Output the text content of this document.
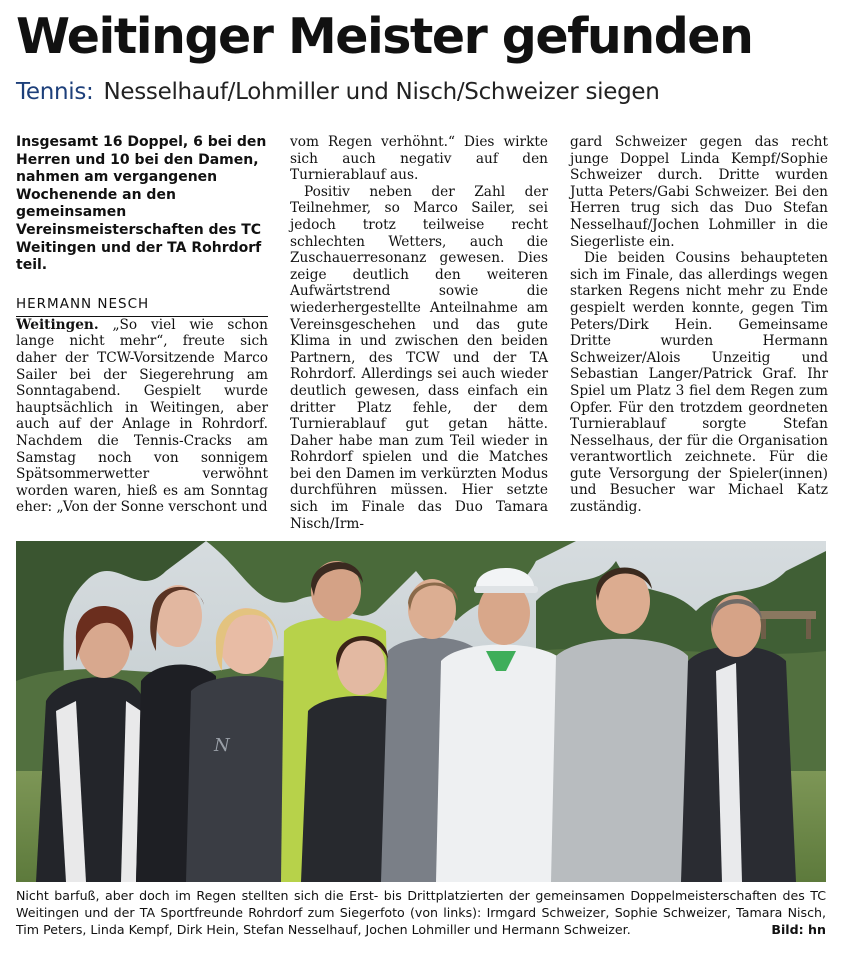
Weitinger Meister gefunden
Tennis: Nesselhauf/Lohmiller und Nisch/Schweizer siegen

Insgesamt 16 Doppel, 6 bei den Herren und 10 bei den Damen, nahmen am vergangenen Wochenende an den gemeinsamen Vereinsmeisterschaften des TC Weitingen und der TA Rohrdorf teil.

HERMANN NESCH

Weitingen. „So viel wie schon lange nicht mehr“, freute sich daher der TCW-Vorsitzende Marco Sailer bei der Siegerehrung am Sonntagabend. Gespielt wurde hauptsächlich in Weitingen, aber auch auf der Anlage in Rohrdorf. Nachdem die Tennis-Cracks am Samstag noch von sonnigem Spätsommerwetter verwöhnt worden waren, hieß es am Sonntag eher: „Von der Sonne verschont und

vom Regen verhöhnt.“ Dies wirkte sich auch negativ auf den Turnierablauf aus.

Positiv neben der Zahl der Teilnehmer, so Marco Sailer, sei jedoch trotz teilweise recht schlechten Wetters, auch die Zuschauerresonanz gewesen. Dies zeige deutlich den weiteren Aufwärtstrend sowie die wiederhergestellte Anteilnahme am Vereinsgeschehen und das gute Klima in und zwischen den beiden Partnern, des TCW und der TA Rohrdorf. Allerdings sei auch wieder deutlich gewesen, dass einfach ein dritter Platz fehle, der dem Turnierablauf gut getan hätte. Daher habe man zum Teil wieder in Rohrdorf spielen und die Matches bei den Damen im verkürzten Modus durchführen müssen. Hier setzte sich im Finale das Duo Tamara Nisch/Irm-

gard Schweizer gegen das recht junge Doppel Linda Kempf/Sophie Schweizer durch. Dritte wurden Jutta Peters/Gabi Schweizer. Bei den Herren trug sich das Duo Stefan Nesselhauf/Jochen Lohmiller in die Siegerliste ein.

Die beiden Cousins behaupteten sich im Finale, das allerdings wegen starken Regens nicht mehr zu Ende gespielt werden konnte, gegen Tim Peters/Dirk Hein. Gemeinsame Dritte wurden Hermann Schweizer/Alois Unzeitig und Sebastian Langer/Patrick Graf. Ihr Spiel um Platz 3 fiel dem Regen zum Opfer. Für den trotzdem geordneten Turnierablauf sorgte Stefan Nesselhaus, der für die Organisation verantwortlich zeichnete. Für die gute Versorgung der Spieler(innen) und Besucher war Michael Katz zuständig.

N
Nicht barfuß, aber doch im Regen stellten sich die Erst- bis Drittplatzierten der gemeinsamen Doppelmeisterschaften des TC Weitingen und der TA Sportfreunde Rohrdorf zum Siegerfoto (von links): Irmgard Schweizer, Sophie Schweizer, Tamara Nisch, Tim Peters, Linda Kempf, Dirk Hein, Stefan Nesselhauf, Jochen Lohmiller und Hermann Schweizer.	Bild: hn
